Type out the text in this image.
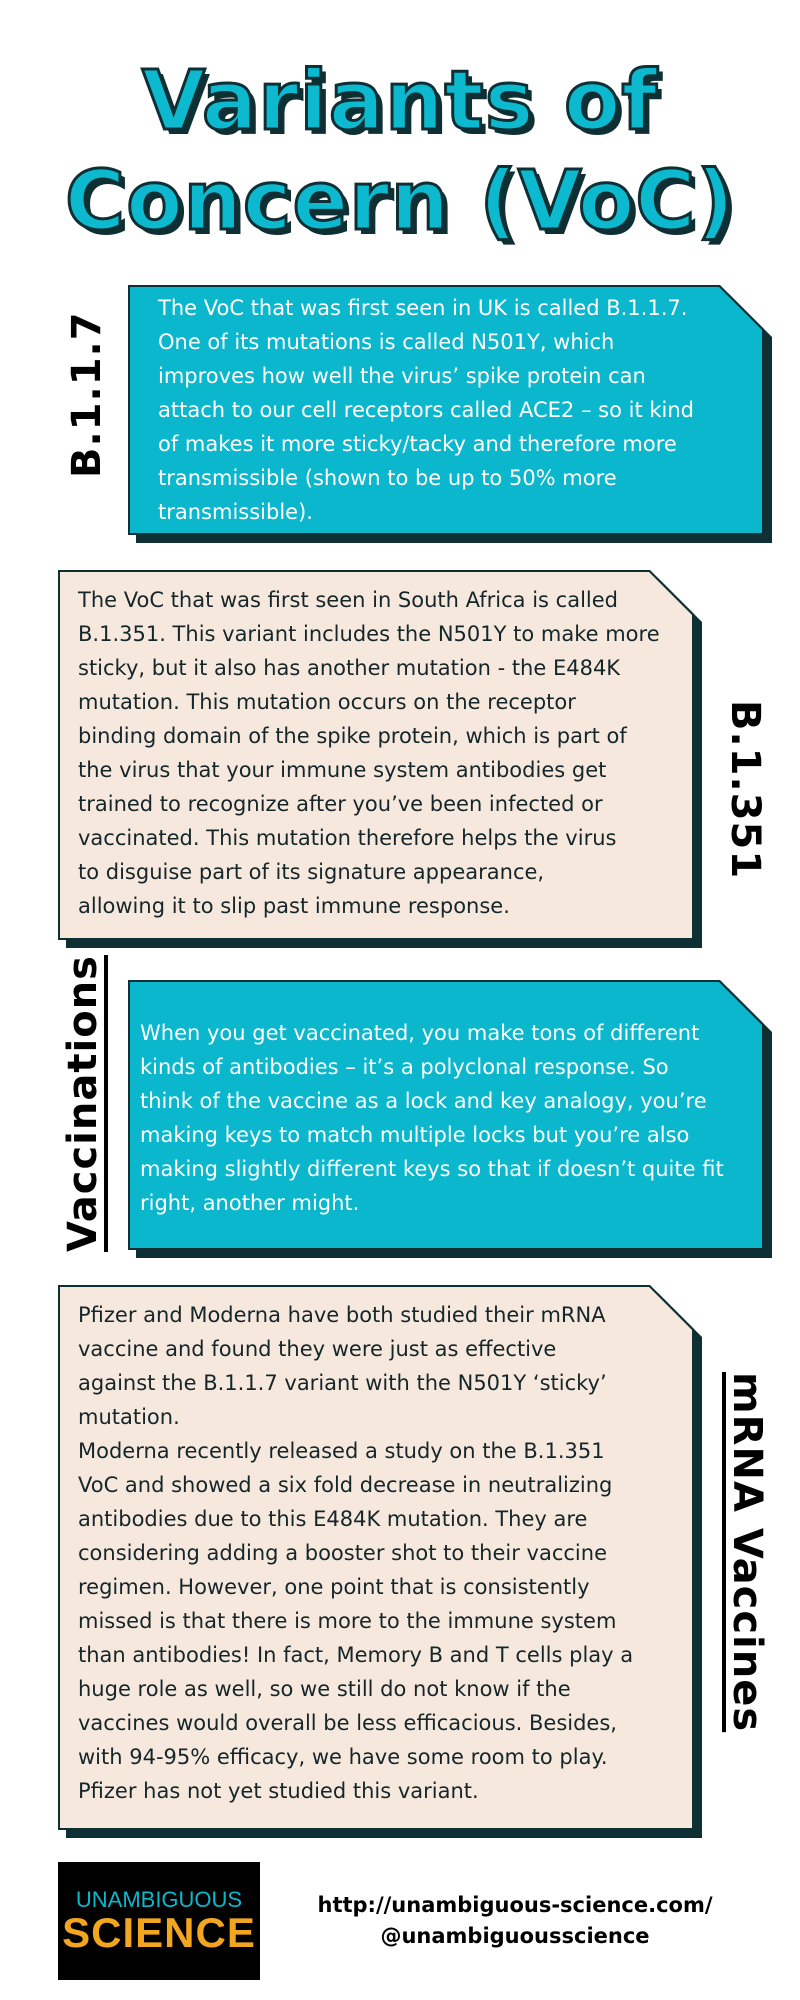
Variants of
Concern (VoC)
B.1.1.7
The VoC that was first seen in UK is called B.1.1.7.
One of its mutations is called N501Y, which
improves how well the virus’ spike protein can
attach to our cell receptors called ACE2 – so it kind
of makes it more sticky/tacky and therefore more
transmissible (shown to be up to 50% more
transmissible).
The VoC that was first seen in South Africa is called
B.1.351. This variant includes the N501Y to make more
sticky, but it also has another mutation - the E484K
mutation. This mutation occurs on the receptor
binding domain of the spike protein, which is part of
the virus that your immune system antibodies get
trained to recognize after you’ve been infected or
vaccinated. This mutation therefore helps the virus
to disguise part of its signature appearance,
allowing it to slip past immune response.
B.1.351
Vaccinations When you get vaccinated, you make tons of different
kinds of antibodies – it’s a polyclonal response. So
think of the vaccine as a lock and key analogy, you’re
making keys to match multiple locks but you’re also
making slightly different keys so that if doesn’t quite fit
right, another might.
Pfizer and Moderna have both studied their mRNA
vaccine and found they were just as effective
against the B.1.1.7 variant with the N501Y ‘sticky’
mutation.
Moderna recently released a study on the B.1.351
VoC and showed a six fold decrease in neutralizing
antibodies due to this E484K mutation. They are
considering adding a booster shot to their vaccine
regimen. However, one point that is consistently
missed is that there is more to the immune system
than antibodies! In fact, Memory B and T cells play a
huge role as well, so we still do not know if the
vaccines would overall be less efficacious. Besides,
with 94-95% efficacy, we have some room to play.
Pfizer has not yet studied this variant.
mRNA Vaccines
UNAMBIGUOUS
SCIENCE
http://unambiguous-science.com/
@unambiguousscience
